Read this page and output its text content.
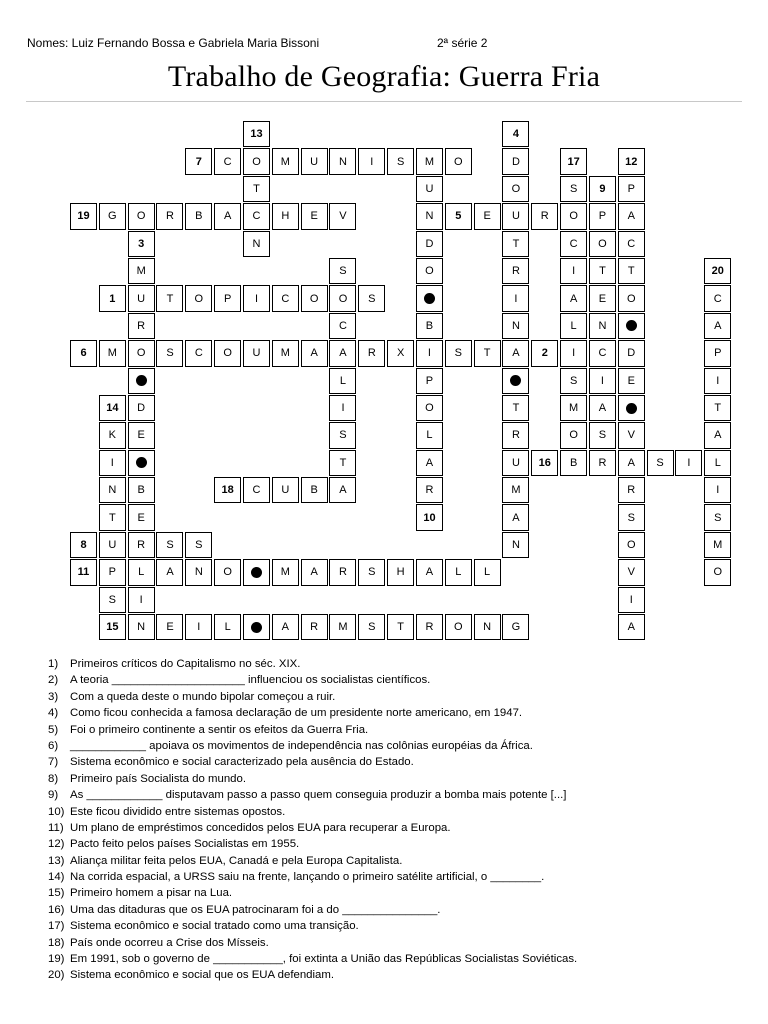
Nomes: Luiz Fernando Bossa e Gabriela Maria Bissoni	2ª série 2
Trabalho de Geografia: Guerra Fria
13	4
7	C	O	M	U	N	I	S	M	O	D	17	12
T	U	O	S	9	P
19	G	O	R	B	A	C	H	E	V	N	5	E	U	R	O	P	A
3	N	D	T	C	O	C
M	S	O	R	I	T	T	20
1	U	T	O	P	I	C	O	O	S	I	A	E	O	C
R	C	B	N	L	N	A
6	M	O	S	C	O	U	M	A	A	R	X	I	S	T	A	2	I	C	D	P
L	P	S	I	E	I
14	D	I	O	T	M	A	T
K	E	S	L	R	O	S	V	A
I	T	A	U	16	B	R	A	S	I	L
N	B	18	C	U	B	A	R	M	R	I
T	E	10	A	S	S
8	U	R	S	S	N	O	M
11	P	L	A	N	O	M	A	R	S	H	A	L	L	V	O
S	I	I
15	N	E	I	L	A	R	M	S	T	R	O	N	G	A
1) Primeiros críticos do Capitalismo no séc. XIX.
2) A teoria _____________________ influenciou os socialistas científicos.
3) Com a queda deste o mundo bipolar começou a ruir.
4) Como ficou conhecida a famosa declaração de um presidente norte americano, em 1947.
5) Foi o primeiro continente a sentir os efeitos da Guerra Fria.
6) ____________ apoiava os movimentos de independência nas colônias européias da África.
7) Sistema econômico e social caracterizado pela ausência do Estado.
8) Primeiro país Socialista do mundo.
9) As ____________ disputavam passo a passo quem conseguia produzir a bomba mais potente [...]
10) Este ficou dividido entre sistemas opostos.
11) Um plano de empréstimos concedidos pelos EUA para recuperar a Europa.
12) Pacto feito pelos países Socialistas em 1955.
13) Aliança militar feita pelos EUA, Canadá e pela Europa Capitalista.
14) Na corrida espacial, a URSS saiu na frente, lançando o primeiro satélite artificial, o ________.
15) Primeiro homem a pisar na Lua.
16) Uma das ditaduras que os EUA patrocinaram foi a do _______________.
17) Sistema econômico e social tratado como uma transição.
18) País onde ocorreu a Crise dos Mísseis.
19) Em 1991, sob o governo de ___________, foi extinta a União das Repúblicas Socialistas Soviéticas.
20) Sistema econômico e social que os EUA defendiam.
